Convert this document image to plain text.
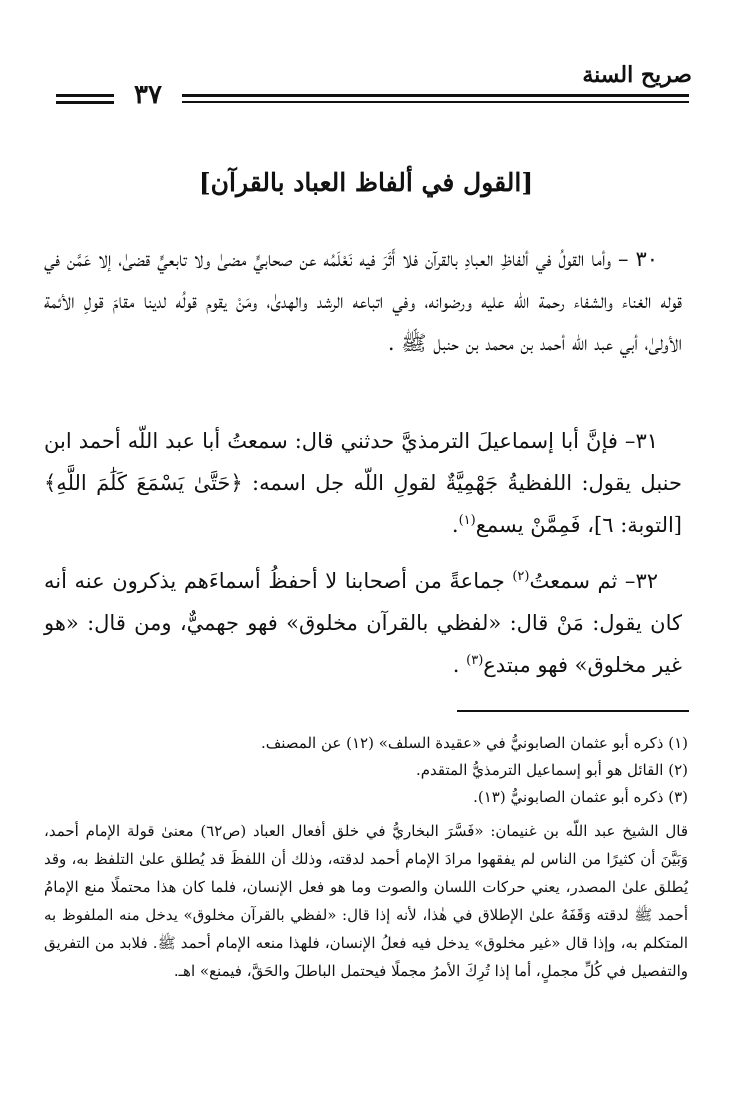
صريح السنة
٣٧
[القول في ألفاظ العباد بالقرآن]

٣٠ – وأما القولُ في ألفاظِ العبادِ بالقرآن فلا أَثَرَ فيه نَعْلَمُه عن صحابيٍّ مضىٰ ولا تابعيٍّ قضىٰ، إلا عَمَّن في قوله الغناء والشفاء رحمة اللّه عليه ورضوانه، وفي اتباعه الرشد والهدىٰ، ومَنْ يقوم قولُه لدينا مقامَ قولِ الأئمة الأولىٰ، أبي عبد اللّه أحمد بن محمد بن حنبل ﷺ .

٣١– فإنَّ أبا إسماعيلَ الترمذيَّ حدثني قال: سمعتُ أبا عبد اللّه أحمد ابن حنبل يقول: اللفظيةُ جَهْمِيَّةٌ لقولِ اللّه جل اسمه: ﴿حَتَّىٰ يَسْمَعَ كَلَٰمَ اللَّهِ﴾ [التوبة: ٦]، فَمِمَّنْ يسمع$^{(١)}$.

٣٢– ثم سمعتُ$^{(٢)}$ جماعةً من أصحابنا لا أحفظُ أسماءَهم يذكرون عنه أنه كان يقول: مَنْ قال: «لفظي بالقرآن مخلوق» فهو جهميٌّ، ومن قال: «هو غير مخلوق» فهو مبتدع$^{(٣)}$ .

(١) ذكره أبو عثمان الصابونيُّ في «عقيدة السلف» (١٢) عن المصنف.

(٢) القائل هو أبو إسماعيل الترمذيُّ المتقدم.

(٣) ذكره أبو عثمان الصابونيُّ (١٣).

قال الشيخ عبد اللّه بن غنيمان: «فَسَّرَ البخاريُّ في خلق أفعال العباد (ص٦٢) معنىٰ قولة الإمام أحمد، وَبَيَّنَ أن كثيرًا من الناس لم يفقهوا مرادَ الإمام أحمد لدقته، وذلك أن اللفظَ قد يُطلق علىٰ التلفظ به، وقد يُطلق علىٰ المصدر، يعني حركات اللسان والصوت وما هو فعل الإنسان، فلما كان هذا محتملًا منع الإمامُ أحمد ﷺ لدقته وَقَفَهُ علىٰ الإطلاق في هٰذا، لأنه إذا قال: «لفظي بالقرآن مخلوق» يدخل منه الملفوظ به المتكلم به، وإذا قال «غير مخلوق» يدخل فيه فعلُ الإنسان، فلهذا منعه الإمام أحمد ﷺ. فلابد من التفريق والتفصيل في كُلِّ مجملٍ، أما إذا تُرِكَ الأمرُ مجملًا فيحتمل الباطلَ والحَقَّ، فيمنع» اهـ.
